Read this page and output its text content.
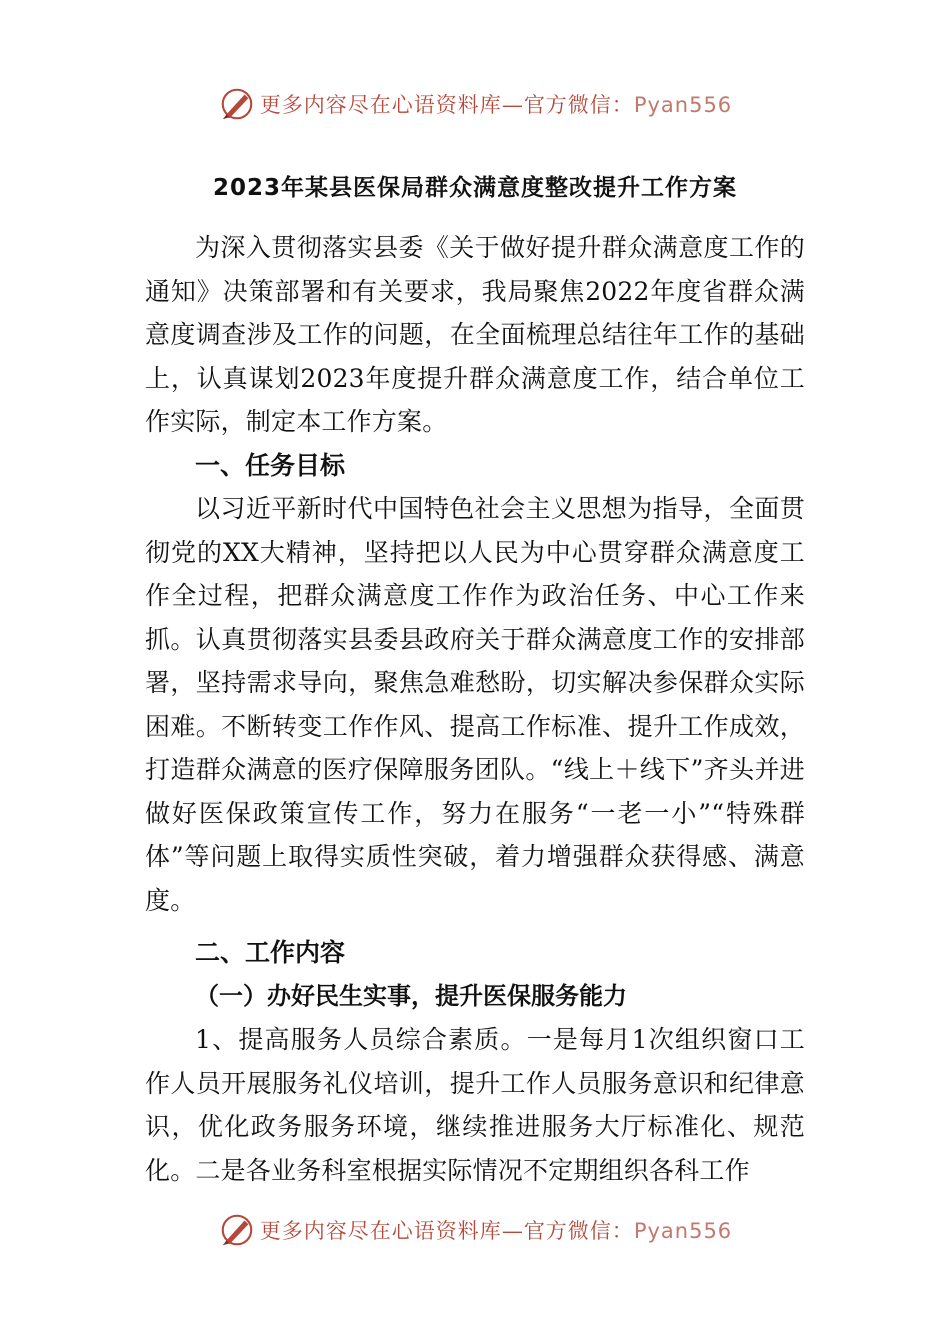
更多内容尽在心语资料库—官方微信：Pyan556
2023年某县医保局群众满意度整改提升工作方案

为深入贯彻落实县委《关于做好提升群众满意度工作的通知》决策部署和有关要求，我局聚焦2022年度省群众满意度调查涉及工作的问题，在全面梳理总结往年工作的基础上，认真谋划2023年度提升群众满意度工作，结合单位工作实际，制定本工作方案。

一、任务目标

以习近平新时代中国特色社会主义思想为指导，全面贯彻党的XX大精神，坚持把以人民为中心贯穿群众满意度工作全过程，把群众满意度工作作为政治任务、中心工作来抓。认真贯彻落实县委县政府关于群众满意度工作的安排部署，坚持需求导向，聚焦急难愁盼，切实解决参保群众实际困难。不断转变工作作风、提高工作标准、提升工作成效，打造群众满意的医疗保障服务团队。“线上＋线下”齐头并进做好医保政策宣传工作，努力在服务“一老一小”“特殊群体”等问题上取得实质性突破，着力增强群众获得感、满意度。

二、工作内容
（一）办好民生实事，提升医保服务能力

1、提高服务人员综合素质。一是每月1次组织窗口工作人员开展服务礼仪培训，提升工作人员服务意识和纪律意识，优化政务服务环境，继续推进服务大厅标准化、规范化。二是各业务科室根据实际情况不定期组织各科工作

更多内容尽在心语资料库—官方微信：Pyan556
